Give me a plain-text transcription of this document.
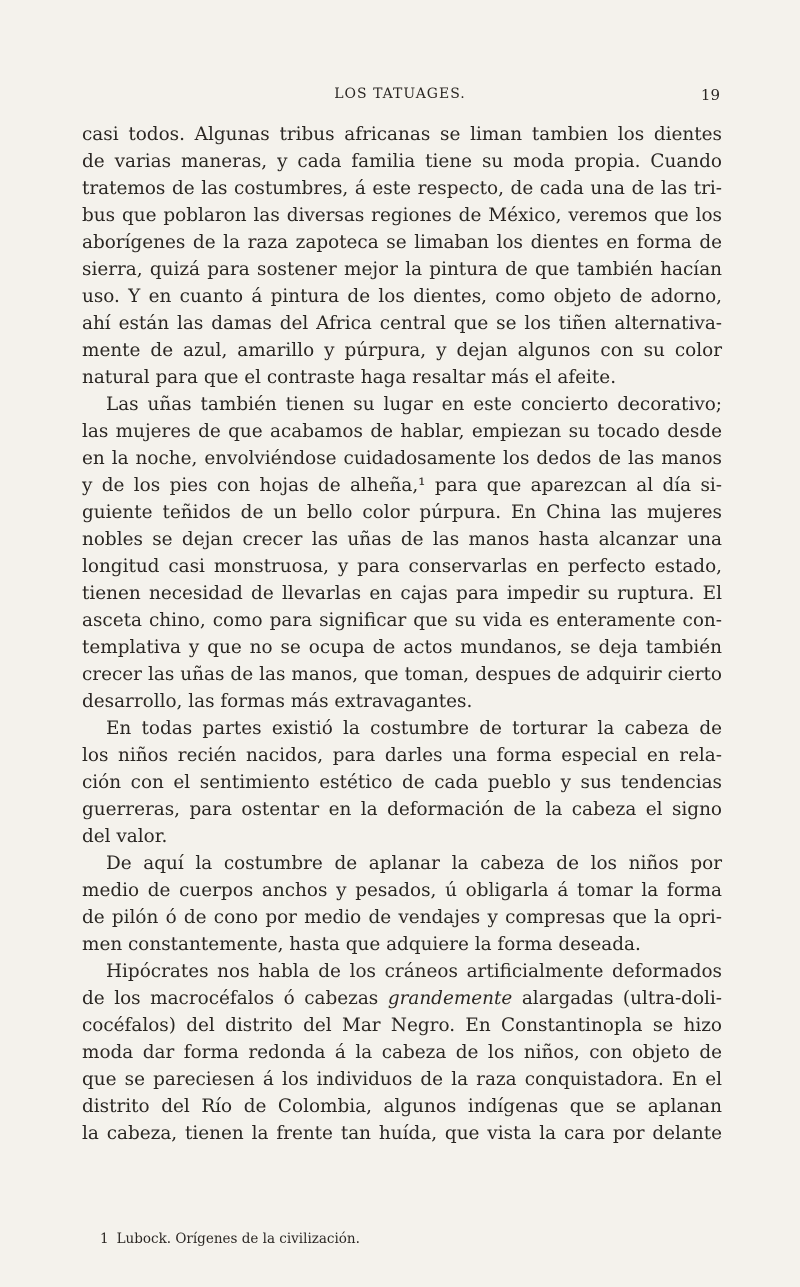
LOS TATUAGES.	19
casi todos. Algunas tribus africanas se liman tambien los dientes
de varias maneras, y cada familia tiene su moda propia. Cuando
tratemos de las costumbres, á este respecto, de cada una de las tri-
bus que poblaron las diversas regiones de México, veremos que los
aborígenes de la raza zapoteca se limaban los dientes en forma de
sierra, quizá para sostener mejor la pintura de que también hacían
uso. Y en cuanto á pintura de los dientes, como objeto de adorno,
ahí están las damas del Africa central que se los tiñen alternativa-
mente de azul, amarillo y púrpura, y dejan algunos con su color
natural para que el contraste haga resaltar más el afeite.
Las uñas también tienen su lugar en este concierto decorativo;
las mujeres de que acabamos de hablar, empiezan su tocado desde
en la noche, envolviéndose cuidadosamente los dedos de las manos
y de los pies con hojas de alheña,¹ para que aparezcan al día si-
guiente teñidos de un bello color púrpura. En China las mujeres
nobles se dejan crecer las uñas de las manos hasta alcanzar una
longitud casi monstruosa, y para conservarlas en perfecto estado,
tienen necesidad de llevarlas en cajas para impedir su ruptura. El
asceta chino, como para significar que su vida es enteramente con-
templativa y que no se ocupa de actos mundanos, se deja también
crecer las uñas de las manos, que toman, despues de adquirir cierto
desarrollo, las formas más extravagantes.
En todas partes existió la costumbre de torturar la cabeza de
los niños recién nacidos, para darles una forma especial en rela-
ción con el sentimiento estético de cada pueblo y sus tendencias
guerreras, para ostentar en la deformación de la cabeza el signo
del valor.
De aquí la costumbre de aplanar la cabeza de los niños por
medio de cuerpos anchos y pesados, ú obligarla á tomar la forma
de pilón ó de cono por medio de vendajes y compresas que la opri-
men constantemente, hasta que adquiere la forma deseada.
Hipócrates nos habla de los cráneos artificialmente deformados
de los macrocéfalos ó cabezas grandemente alargadas (ultra-doli-
cocéfalos) del distrito del Mar Negro. En Constantinopla se hizo
moda dar forma redonda á la cabeza de los niños, con objeto de
que se pareciesen á los individuos de la raza conquistadora. En el
distrito del Río de Colombia, algunos indígenas que se aplanan
la cabeza, tienen la frente tan huída, que vista la cara por delante
1 Lubock. Orígenes de la civilización.
